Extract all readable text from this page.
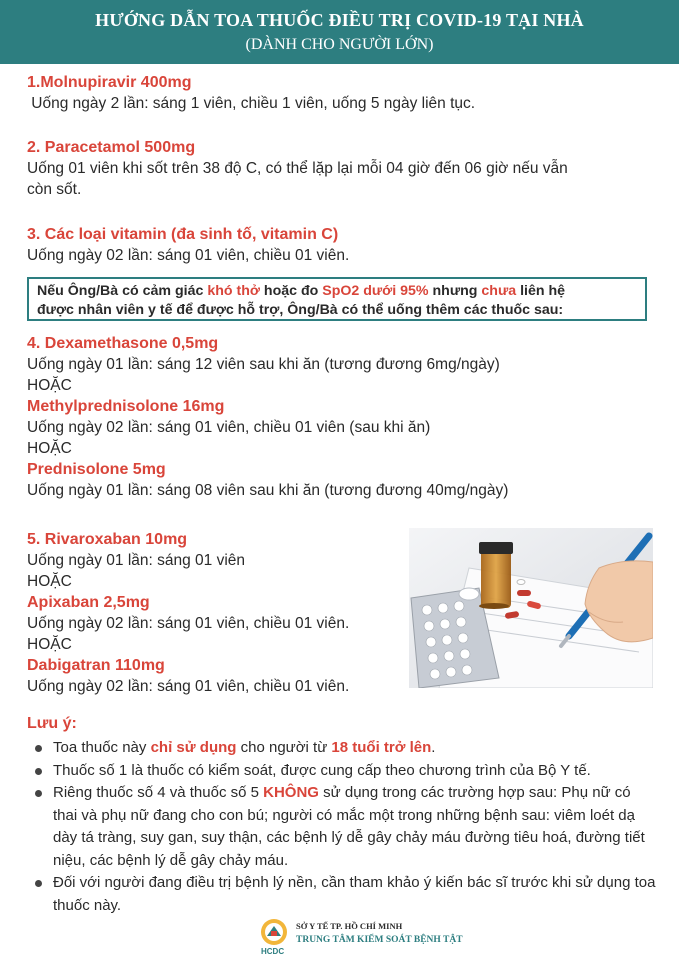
HƯỚNG DẪN TOA THUỐC ĐIỀU TRỊ COVID-19 TẠI NHÀ
(DÀNH CHO NGƯỜI LỚN)
1.Molnupiravir 400mg
Uống ngày 2 lần: sáng 1 viên, chiều 1 viên, uống 5 ngày liên tục.
2. Paracetamol 500mg
Uống 01 viên khi sốt trên 38 độ C, có thể lặp lại mỗi 04 giờ đến 06 giờ nếu vẫn
còn sốt.
3. Các loại vitamin (đa sinh tố, vitamin C)
Uống ngày 02 lần: sáng 01 viên, chiều 01 viên.
Nếu Ông/Bà có cảm giác khó thở hoặc đo SpO2 dưới 95% nhưng chưa liên hệ
được nhân viên y tế để được hỗ trợ, Ông/Bà có thể uống thêm các thuốc sau:
4. Dexamethasone 0,5mg
Uống ngày 01 lần: sáng 12 viên sau khi ăn (tương đương 6mg/ngày)
HOẶC
Methylprednisolone 16mg
Uống ngày 02 lần: sáng 01 viên, chiều 01 viên (sau khi ăn)
HOẶC
Prednisolone 5mg
Uống ngày 01 lần: sáng 08 viên sau khi ăn (tương đương 40mg/ngày)
5. Rivaroxaban 10mg
Uống ngày 01 lần: sáng 01 viên
HOẶC
Apixaban 2,5mg
Uống ngày 02 lần: sáng 01 viên, chiều 01 viên.
HOẶC
Dabigatran 110mg
Uống ngày 02 lần: sáng 01 viên, chiều 01 viên.
Lưu ý:
Toa thuốc này chỉ sử dụng cho người từ 18 tuổi trở lên.
Thuốc số 1 là thuốc có kiểm soát, được cung cấp theo chương trình của Bộ Y tế.
Riêng thuốc số 4 và thuốc số 5 KHÔNG sử dụng trong các trường hợp sau: Phụ nữ có thai và phụ nữ đang cho con bú; người có mắc một trong những bệnh sau: viêm loét dạ dày tá tràng, suy gan, suy thận, các bệnh lý dễ gây chảy máu đường tiêu hoá, đường tiết niệu, các bệnh lý dễ gây chảy máu.
Đối với người đang điều trị bệnh lý nền, cần tham khảo ý kiến bác sĩ trước khi sử dụng toa thuốc này.
HCDC
SỞ Y TẾ TP. HỒ CHÍ MINH
TRUNG TÂM KIỂM SOÁT BỆNH TẬT
